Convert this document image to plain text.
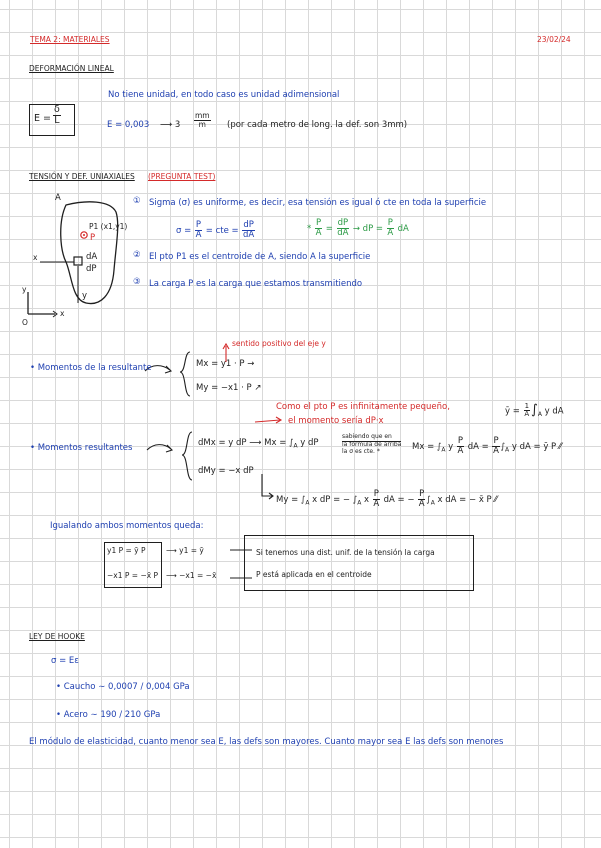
TEMA 2: MATERIALES	23/02/24
DEFORMACIÓN LINEAL
$E = \frac{\delta}{L}$
No tiene unidad, en todo caso es unidad adimensional
E = 0,003 ⟶ $3 \frac{mm}{m} (por$ cada metro de long. la def. son 3mm)
TENSIÓN Y DEF. UNIAXIALES (PREGUNTA TEST)
A
P1 (x1,y1)
P
dA
dP
x
y
y
x
O
① Sigma (σ) es uniforme, es decir, esa tensión es igual ó cte en toda la superficie
$\sigma = \frac{P}{A}$ = cte = $\frac{dP}{dA}$	* $\frac{P}{A} = \frac{dP}{dA}$ → dP = $\frac{P}{A}$ dA
② El pto P1 es el centroide de A, siendo A la superficie
③ La carga P es la carga que estamos transmitiendo
sentido positivo del eje y
• Momentos de la resultante	Mx = y1 · P →
My = −x1 · P ↗
Como el pto P es infinitamente pequeño,
el momento sería dP·x
ȳ = $\frac{1}{A} \int_A$ y dA
• Momentos resultantes	dMx = y dP ⟶ $Mx = \int_A$ y dP
sabiendo que en
la fórmula de arriba
la σ es cte. *	$Mx = \int_A$ y $\frac{P}{A}$ dA = $\frac{P}{A} \int_A$ y dA = ȳ P ⁄⁄
dMy = −x dP
$My = \int_A$ x dP = − $\int_A$ x $\frac{P}{A}$ dA = − $\frac{P}{A} \int_A$ x dA = − x̄ P ⁄⁄
Igualando ambos momentos queda:
y1 P = ȳ P
−x1 P = −x̄ P
⟶ y1 = ȳ
⟶ −x1 = −x̄
Si tenemos una dist. unif. de la tensión la carga
P está aplicada en el centroide
LEY DE HOOKE
σ = Eε
• Caucho ∼ 0,0007 / 0,004 GPa
• Acero ∼ 190 / 210 GPa
El módulo de elasticidad, cuanto menor sea E, las defs son mayores. Cuanto mayor sea E las defs son menores
